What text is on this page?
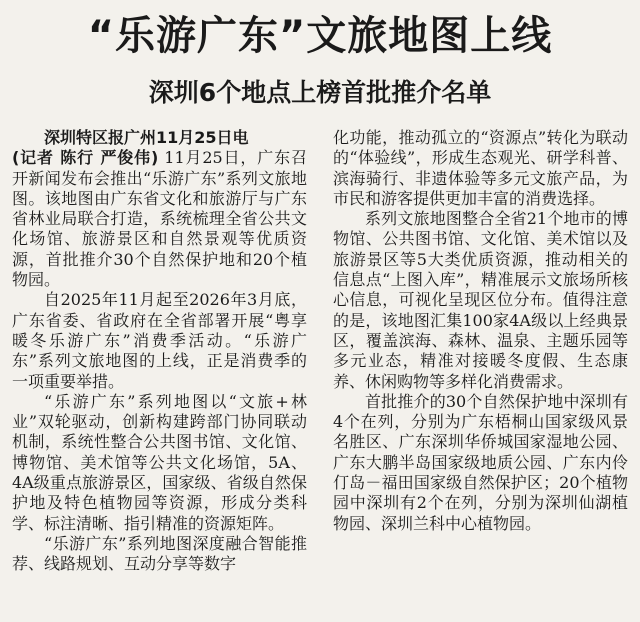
“乐游广东”文旅地图上线
深圳6个地点上榜首批推介名单

深圳特区报广州11月25日电
(记者 陈行 严俊伟) 11月25日，广东召开新闻发布会推出“乐游广东”系列文旅地图。该地图由广东省文化和旅游厅与广东省林业局联合打造，系统梳理全省公共文化场馆、旅游景区和自然景观等优质资源，首批推介30个自然保护地和20个植物园。

自2025年11月起至2026年3月底，广东省委、省政府在全省部署开展“粤享暖冬乐游广东”消费季活动。“乐游广东”系列文旅地图的上线，正是消费季的一项重要举措。

“乐游广东”系列地图以“文旅+林业”双轮驱动，创新构建跨部门协同联动机制，系统性整合公共图书馆、文化馆、博物馆、美术馆等公共文化场馆，5A、4A级重点旅游景区，国家级、省级自然保护地及特色植物园等资源，形成分类科学、标注清晰、指引精准的资源矩阵。

“乐游广东”系列地图深度融合智能推荐、线路规划、互动分享等数字

化功能，推动孤立的“资源点”转化为联动的“体验线”，形成生态观光、研学科普、滨海骑行、非遗体验等多元文旅产品，为市民和游客提供更加丰富的消费选择。

系列文旅地图整合全省21个地市的博物馆、公共图书馆、文化馆、美术馆以及旅游景区等5大类优质资源，推动相关的信息点“上图入库”，精准展示文旅场所核心信息，可视化呈现区位分布。值得注意的是，该地图汇集100家4A级以上经典景区，覆盖滨海、森林、温泉、主题乐园等多元业态，精准对接暖冬度假、生态康养、休闲购物等多样化消费需求。

首批推介的30个自然保护地中深圳有4个在列，分别为广东梧桐山国家级风景名胜区、广东深圳华侨城国家湿地公园、广东大鹏半岛国家级地质公园、广东内伶仃岛－福田国家级自然保护区；20个植物园中深圳有2个在列，分别为深圳仙湖植物园、深圳兰科中心植物园。
